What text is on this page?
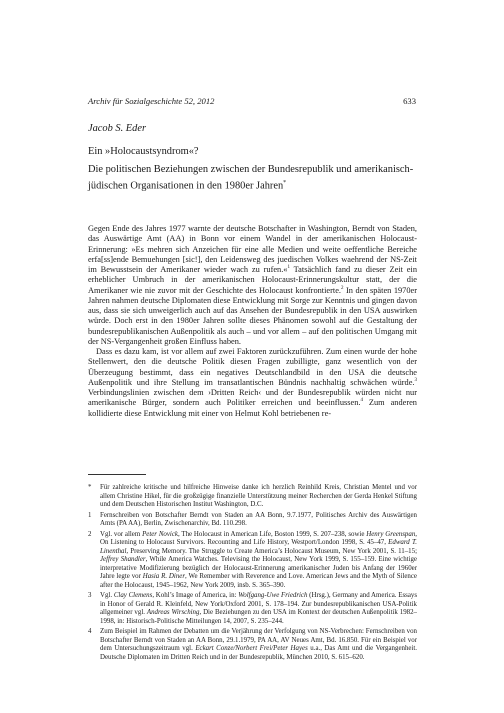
Archiv für Sozialgeschichte 52, 2012	633
Jacob S. Eder
Ein »Holocaustsyndrom«?
Die politischen Beziehungen zwischen der Bundesrepublik und amerikanisch-jüdischen Organisationen in den 1980er Jahren*

Gegen Ende des Jahres 1977 warnte der deutsche Botschafter in Washington, Berndt von Staden, das Auswärtige Amt (AA) in Bonn vor einem Wandel in der amerikanischen Holocaust-Erinnerung: »Es mehren sich Anzeichen für eine alle Medien und weite oeffentliche Bereiche erfa[ss]ende Bemuehungen [sic!], den Leidensweg des juedischen Volkes waehrend der NS-Zeit im Bewusstsein der Amerikaner wieder wach zu rufen.«$^1$ Tatsächlich fand zu dieser Zeit ein erheblicher Umbruch in der amerikanischen Holocaust-Erinnerungskultur statt, der die Amerikaner wie nie zuvor mit der Geschichte des Holocaust konfrontierte.$^2$ In den späten 1970er Jahren nahmen deutsche Diplomaten diese Entwicklung mit Sorge zur Kenntnis und gingen davon aus, dass sie sich unweigerlich auch auf das Ansehen der Bundesrepublik in den USA auswirken würde. Doch erst in den 1980er Jahren sollte dieses Phänomen sowohl auf die Gestaltung der bundesrepublikanischen Außenpolitik als auch – und vor allem – auf den politischen Umgang mit der NS-Vergangenheit großen Einfluss haben.

Dass es dazu kam, ist vor allem auf zwei Faktoren zurückzuführen. Zum einen wurde der hohe Stellenwert, den die deutsche Politik diesen Fragen zubilligte, ganz wesentlich von der Überzeugung bestimmt, dass ein negatives Deutschlandbild in den USA die deutsche Außenpolitik und ihre Stellung im transatlantischen Bündnis nachhaltig schwächen würde.$^3$ Verbindungslinien zwischen dem ›Dritten Reich‹ und der Bundesrepublik würden nicht nur amerikanische Bürger, sondern auch Politiker erreichen und beeinflussen.$^4$ Zum anderen kollidierte diese Entwicklung mit einer von Helmut Kohl betriebenen re-

* Für zahlreiche kritische und hilfreiche Hinweise danke ich herzlich Reinhild Kreis, Christian Mentel und vor allem Christine Hikel, für die großzügige finanzielle Unterstützung meiner Recherchen der Gerda Henkel Stiftung und dem Deutschen Historischen Institut Washington, D.C.
1 Fernschreiben von Botschafter Berndt von Staden an AA Bonn, 9.7.1977, Politisches Archiv des Auswärtigen Amts (PA AA), Berlin, Zwischenarchiv, Bd. 110.298.
2 Vgl. vor allem Peter Novick, The Holocaust in American Life, Boston 1999, S. 207–238, sowie Henry Greenspan, On Listening to Holocaust Survivors. Recounting and Life History, Westport/London 1998, S. 45–47, Edward T. Linenthal, Preserving Memory. The Struggle to Create America’s Holocaust Museum, New York 2001, S. 11–15; Jeffrey Shandler, While America Watches. Televising the Holocaust, New York 1999, S. 155–159. Eine wichtige interpretative Modifizierung bezüglich der Holocaust-Erinnerung amerikanischer Juden bis Anfang der 1960er Jahre legte vor Hasia R. Diner, We Remember with Reverence and Love. American Jews and the Myth of Silence after the Holocaust, 1945–1962, New York 2009, insb. S. 365–390.
3 Vgl. Clay Clemens, Kohl’s Image of America, in: Wolfgang-Uwe Friedrich (Hrsg.), Germany and America. Essays in Honor of Gerald R. Kleinfeld, New York/Oxford 2001, S. 178–194. Zur bundesrepublikanischen USA-Politik allgemeiner vgl. Andreas Wirsching, Die Beziehungen zu den USA im Kontext der deutschen Außenpolitik 1982–1998, in: Historisch-Politische Mitteilungen 14, 2007, S. 235–244.
4 Zum Beispiel im Rahmen der Debatten um die Verjährung der Verfolgung von NS-Verbrechen: Fernschreiben von Botschafter Berndt von Staden an AA Bonn, 29.1.1979, PA AA, AV Neues Amt, Bd. 16.850. Für ein Beispiel vor dem Untersuchungszeitraum vgl. Eckart Conze/Norbert Frei/Peter Hayes u.a., Das Amt und die Vergangenheit. Deutsche Diplomaten im Dritten Reich und in der Bundesrepublik, München 2010, S. 615–620.
